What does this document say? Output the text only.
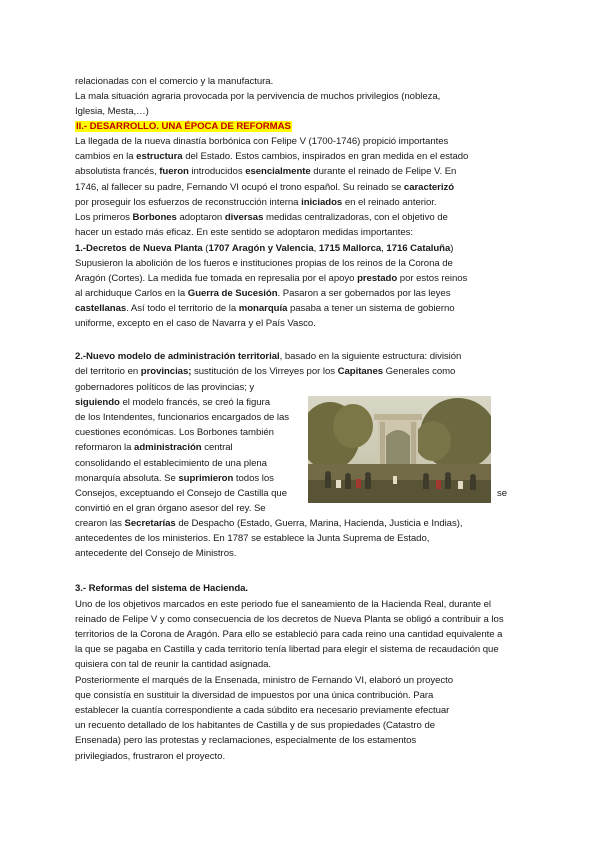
relacionadas con el comercio y la manufactura.
La mala situación agraria provocada por la pervivencia de muchos privilegios (nobleza,
Iglesia, Mesta,…)
II.- DESARROLLO. UNA ÉPOCA DE REFORMAS
La llegada de la nueva dinastía borbónica con Felipe V (1700-1746) propició importantes
cambios en la estructura del Estado. Estos cambios, inspirados en gran medida en el estado
absolutista francés, fueron introducidos esencialmente durante el reinado de Felipe V. En
1746, al fallecer su padre, Fernando VI ocupó el trono español. Su reinado se caracterizó
por proseguir los esfuerzos de reconstrucción interna iniciados en el reinado anterior.
Los primeros Borbones adoptaron diversas medidas centralizadoras, con el objetivo de
hacer un estado más eficaz. En este sentido se adoptaron medidas importantes:
1.-Decretos de Nueva Planta (1707 Aragón y Valencia, 1715 Mallorca, 1716 Cataluña)
Supusieron la abolición de los fueros e instituciones propias de los reinos de la Corona de
Aragón (Cortes). La medida fue tomada en represalia por el apoyo prestado por estos reinos
al archiduque Carlos en la Guerra de Sucesión. Pasaron a ser gobernados por las leyes
castellanas. Así todo el territorio de la monarquía pasaba a tener un sistema de gobierno
uniforme, excepto en el caso de Navarra y el País Vasco.
2.-Nuevo modelo de administración territorial, basado en la siguiente estructura: división
del territorio en provincias; sustitución de los Virreyes por los Capitanes Generales como
gobernadores políticos de las provincias; y
siguiendo el modelo francés, se creó la figura
de los Intendentes, funcionarios encargados de las
cuestiones económicas. Los Borbones también
reformaron la administración central
consolidando el establecimiento de una plena
monarquía absoluta. Se suprimieron todos los
Consejos, exceptuando el Consejo de Castilla que	se
convirtió en el gran órgano asesor del rey. Se
crearon las Secretarías de Despacho (Estado, Guerra, Marina, Hacienda, Justicia e Indias),
antecedentes de los ministerios. En 1787 se establece la Junta Suprema de Estado,
antecedente del Consejo de Ministros.
3.- Reformas del sistema de Hacienda.
Uno de los objetivos marcados en este periodo fue el saneamiento de la Hacienda Real, durante el
reinado de Felipe V y como consecuencia de los decretos de Nueva Planta se obligó a contribuir a los
territorios de la Corona de Aragón. Para ello se estableció para cada reino una cantidad equivalente a
la que se pagaba en Castilla y cada territorio tenía libertad para elegir el sistema de recaudación que
quisiera con tal de reunir la cantidad asignada.
Posteriormente el marqués de la Ensenada, ministro de Fernando VI, elaboró un proyecto
que consistía en sustituir la diversidad de impuestos por una única contribución. Para
establecer la cuantía correspondiente a cada súbdito era necesario previamente efectuar
un recuento detallado de los habitantes de Castilla y de sus propiedades (Catastro de
Ensenada) pero las protestas y reclamaciones, especialmente de los estamentos
privilegiados, frustraron el proyecto.
